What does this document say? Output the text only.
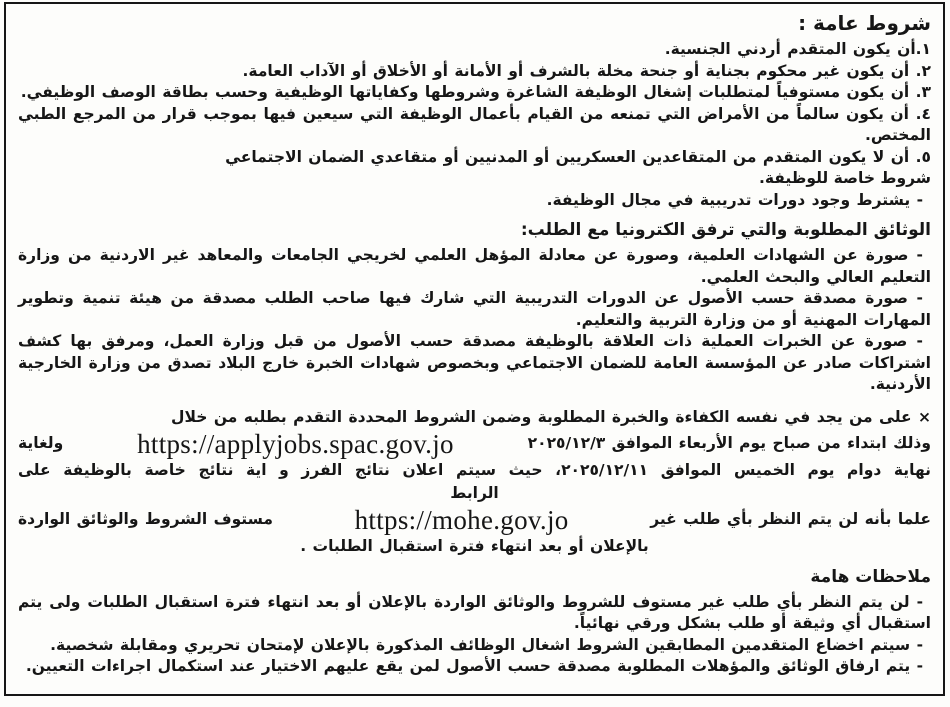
شروط عامة :
١.أن يكون المتقدم أردني الجنسية.
٢. أن يكون غير محكوم بجناية أو جنحة مخلة بالشرف أو الأمانة أو الأخلاق أو الآداب العامة.
٣. أن يكون مستوفياً لمتطلبات إشغال الوظيفة الشاغرة وشروطها وكفاياتها الوظيفية وحسب بطاقة الوصف الوظيفي.
٤. أن يكون سالماً من الأمراض التي تمنعه من القيام بأعمال الوظيفة التي سيعين فيها بموجب قرار من المرجع الطبي المختص.
٥. أن لا يكون المتقدم من المتقاعدين العسكريين أو المدنيين أو متقاعدي الضمان الاجتماعي
شروط خاصة للوظيفة.
- يشترط وجود دورات تدريبية في مجال الوظيفة.
الوثائق المطلوبة والتي ترفق الكترونيا مع الطلب:
- صورة عن الشهادات العلمية، وصورة عن معادلة المؤهل العلمي لخريجي الجامعات والمعاهد غير الاردنية من وزارة التعليم العالي والبحث العلمي.
- صورة مصدقة حسب الأصول عن الدورات التدريبية التي شارك فيها صاحب الطلب مصدقة من هيئة تنمية وتطوير المهارات المهنية أو من وزارة التربية والتعليم.
- صورة عن الخبرات العملية ذات العلاقة بالوظيفة مصدقة حسب الأصول من قبل وزارة العمل، ومرفق بها كشف اشتراكات صادر عن المؤسسة العامة للضمان الاجتماعي وبخصوص شهادات الخبرة خارج البلاد تصدق من وزارة الخارجية الأردنية.
× على من يجد في نفسه الكفاءة والخبرة المطلوبة وضمن الشروط المحددة التقدم بطلبه من خلال
ولغاية	https://applyjobs.spac.gov.jo	وذلك ابتداء من صباح يوم الأربعاء الموافق ٢٠٢٥/١٢/٣
نهاية دوام يوم الخميس الموافق ٢٠٢٥/١٢/١١، حيث سيتم اعلان نتائج الفرز و اية نتائج خاصة بالوظيفة على
الرابط
مستوف الشروط والوثائق الواردة	https://mohe.gov.jo	علما بأنه لن يتم النظر بأي طلب غير
بالإعلان أو بعد انتهاء فترة استقبال الطلبات .
ملاحظات هامة
- لن يتم النظر بأي طلب غير مستوف للشروط والوثائق الواردة بالإعلان أو بعد انتهاء فترة استقبال الطلبات ولى يتم استقبال أي وثيقة أو طلب بشكل ورقي نهائياً.
- سيتم اخضاع المتقدمين المطابقين الشروط اشغال الوظائف المذكورة بالإعلان لإمتحان تحريري ومقابلة شخصية.
- يتم ارفاق الوثائق والمؤهلات المطلوبة مصدقة حسب الأصول لمن يقع عليهم الاختيار عند استكمال اجراءات التعيين.
